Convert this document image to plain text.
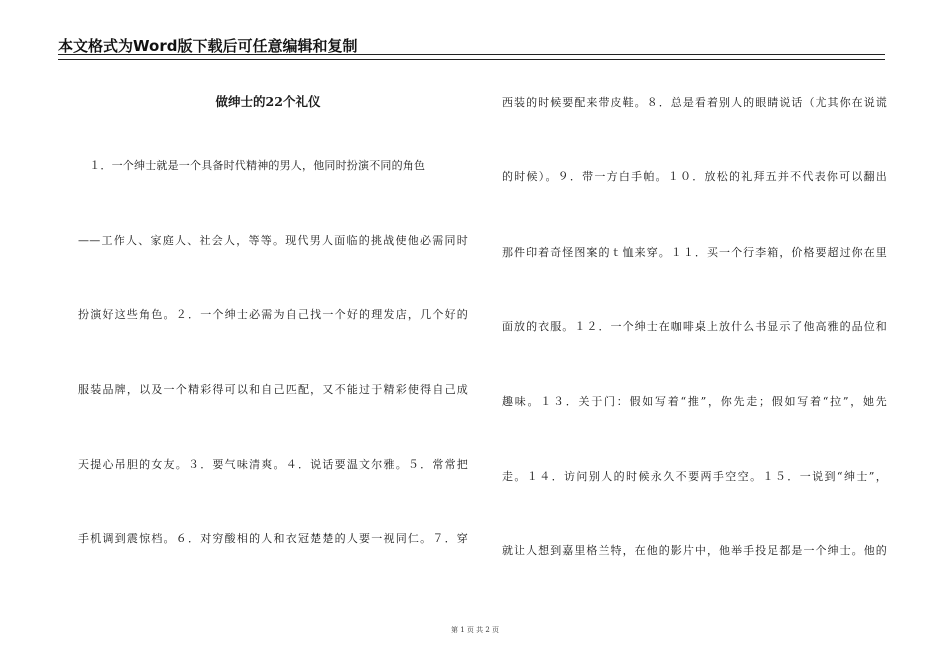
本文格式为Word版下载后可任意编辑和复制
做绅士的22个礼仪
　１．一个绅士就是一个具备时代精神的男人，他同时扮演不同的角色
——工作人、家庭人、社会人，等等。现代男人面临的挑战使他必需同时
扮演好这些角色。２．一个绅士必需为自己找一个好的理发店，几个好的
服装品牌，以及一个精彩得可以和自己匹配，又不能过于精彩使得自己成
天提心吊胆的女友。３．要气味清爽。４．说话要温文尔雅。５．常常把
手机调到震惊档。６．对穷酸相的人和衣冠楚楚的人要一视同仁。７．穿
西装的时候要配来带皮鞋。８．总是看着别人的眼睛说话（尤其你在说谎
的时候）。９．带一方白手帕。１０．放松的礼拜五并不代表你可以翻出
那件印着奇怪图案的ｔ恤来穿。１１．买一个行李箱，价格要超过你在里
面放的衣服。１２．一个绅士在咖啡桌上放什么书显示了他高雅的品位和
趣味。１３．关于门：假如写着“推”，你先走；假如写着“拉”，她先
走。１４．访问别人的时候永久不要两手空空。１５．一说到“绅士”，
就让人想到嘉里格兰特，在他的影片中，他举手投足都是一个绅士。他的
第 1 页 共 2 页
